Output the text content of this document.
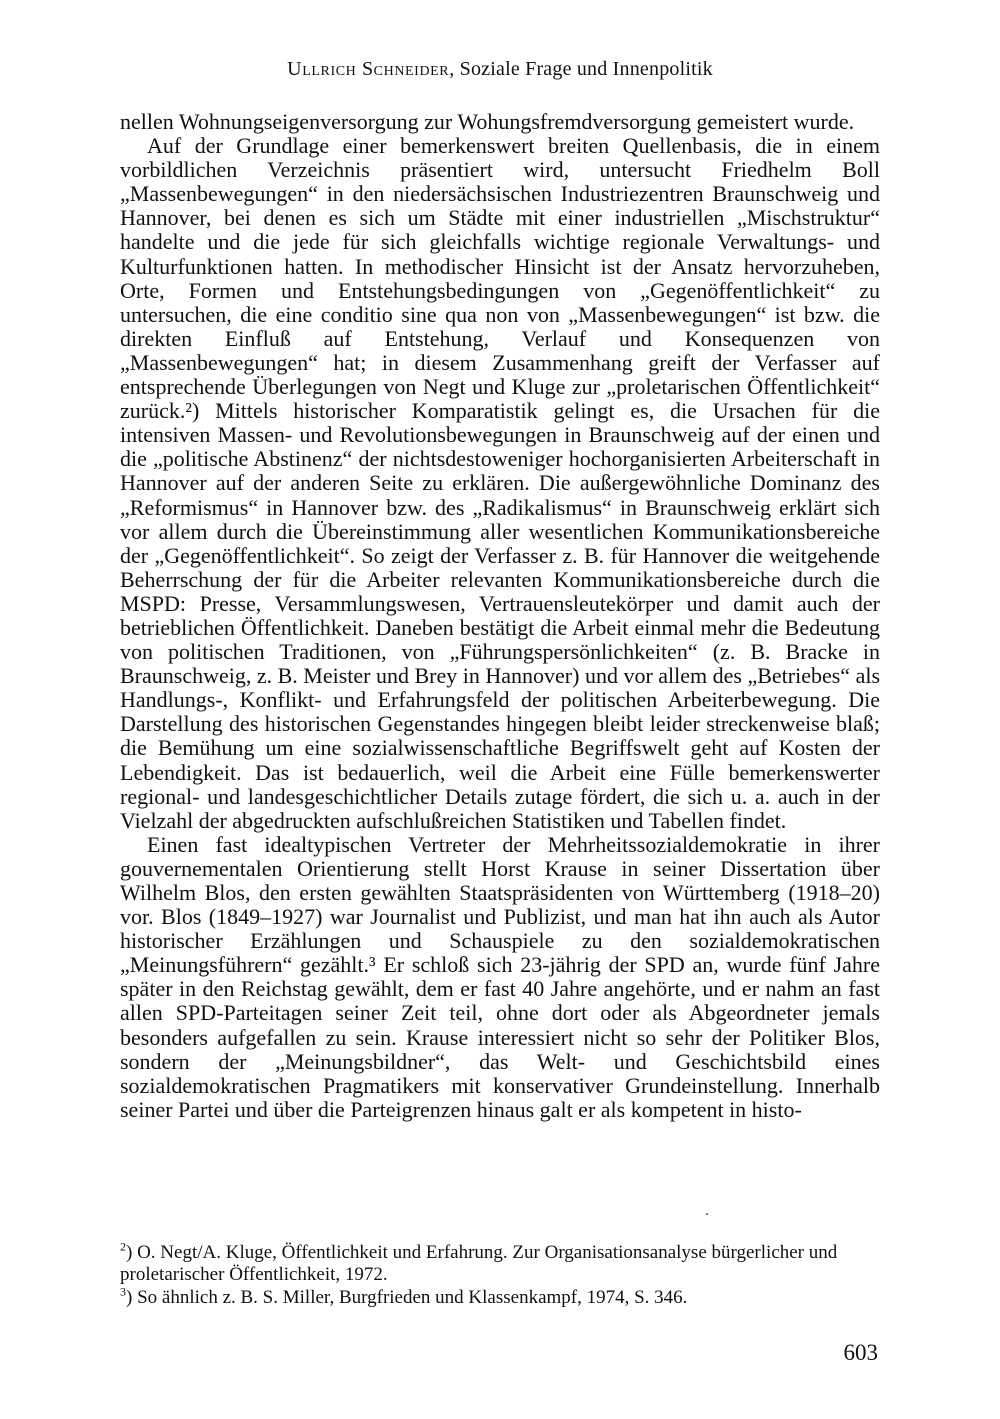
Ullrich Schneider, Soziale Frage und Innenpolitik

nellen Wohnungseigenversorgung zur Wohungsfremdversorgung gemeistert wurde.

Auf der Grundlage einer bemerkenswert breiten Quellenbasis, die in einem vorbildlichen Verzeichnis präsentiert wird, untersucht Friedhelm Boll „Massenbewegungen“ in den niedersächsischen Industriezentren Braunschweig und Hannover, bei denen es sich um Städte mit einer industriellen „Mischstruktur“ handelte und die jede für sich gleichfalls wichtige regionale Verwaltungs- und Kulturfunktionen hatten. In methodischer Hinsicht ist der Ansatz hervorzuheben, Orte, Formen und Entstehungsbedingungen von „Gegenöffentlichkeit“ zu untersuchen, die eine conditio sine qua non von „Massenbewegungen“ ist bzw. die direkten Einfluß auf Entstehung, Verlauf und Konsequenzen von „Massenbewegungen“ hat; in diesem Zusammenhang greift der Verfasser auf entsprechende Überlegungen von Negt und Kluge zur „proletarischen Öffentlichkeit“ zurück.²) Mittels historischer Komparatistik gelingt es, die Ursachen für die intensiven Massen- und Revolutionsbewegungen in Braunschweig auf der einen und die „politische Abstinenz“ der nichtsdestoweniger hochorganisierten Arbeiterschaft in Hannover auf der anderen Seite zu erklären. Die außergewöhnliche Dominanz des „Reformismus“ in Hannover bzw. des „Radikalismus“ in Braunschweig erklärt sich vor allem durch die Übereinstimmung aller wesentlichen Kommunikationsbereiche der „Gegenöffentlichkeit“. So zeigt der Verfasser z. B. für Hannover die weitgehende Beherrschung der für die Arbeiter relevanten Kommunikationsbereiche durch die MSPD: Presse, Versammlungswesen, Vertrauensleutekörper und damit auch der betrieblichen Öffentlichkeit. Daneben bestätigt die Arbeit einmal mehr die Bedeutung von politischen Traditionen, von „Führungspersönlichkeiten“ (z. B. Bracke in Braunschweig, z. B. Meister und Brey in Hannover) und vor allem des „Betriebes“ als Handlungs-, Konflikt- und Erfahrungsfeld der politischen Arbeiterbewegung. Die Darstellung des historischen Gegenstandes hingegen bleibt leider streckenweise blaß; die Bemühung um eine sozialwissenschaftliche Begriffswelt geht auf Kosten der Lebendigkeit. Das ist bedauerlich, weil die Arbeit eine Fülle bemerkenswerter regional- und landesgeschichtlicher Details zutage fördert, die sich u. a. auch in der Vielzahl der abgedruckten aufschlußreichen Statistiken und Tabellen findet.

Einen fast idealtypischen Vertreter der Mehrheitssozialdemokratie in ihrer gouvernementalen Orientierung stellt Horst Krause in seiner Dissertation über Wilhelm Blos, den ersten gewählten Staatspräsidenten von Württemberg (1918–20) vor. Blos (1849–1927) war Journalist und Publizist, und man hat ihn auch als Autor historischer Erzählungen und Schauspiele zu den sozialdemokratischen „Meinungsführern“ gezählt.³ Er schloß sich 23-jährig der SPD an, wurde fünf Jahre später in den Reichstag gewählt, dem er fast 40 Jahre angehörte, und er nahm an fast allen SPD-Parteitagen seiner Zeit teil, ohne dort oder als Abgeordneter jemals besonders aufgefallen zu sein. Krause interessiert nicht so sehr der Politiker Blos, sondern der „Meinungsbildner“, das Welt- und Geschichtsbild eines sozialdemokratischen Pragmatikers mit konservativer Grundeinstellung. Innerhalb seiner Partei und über die Parteigrenzen hinaus galt er als kompetent in histo-

$^2$) O. Negt/A. Kluge, Öffentlichkeit und Erfahrung. Zur Organisationsanalyse bürgerlicher und proletarischer Öffentlichkeit, 1972.

$^3$) So ähnlich z. B. S. Miller, Burgfrieden und Klassenkampf, 1974, S. 346.

603
